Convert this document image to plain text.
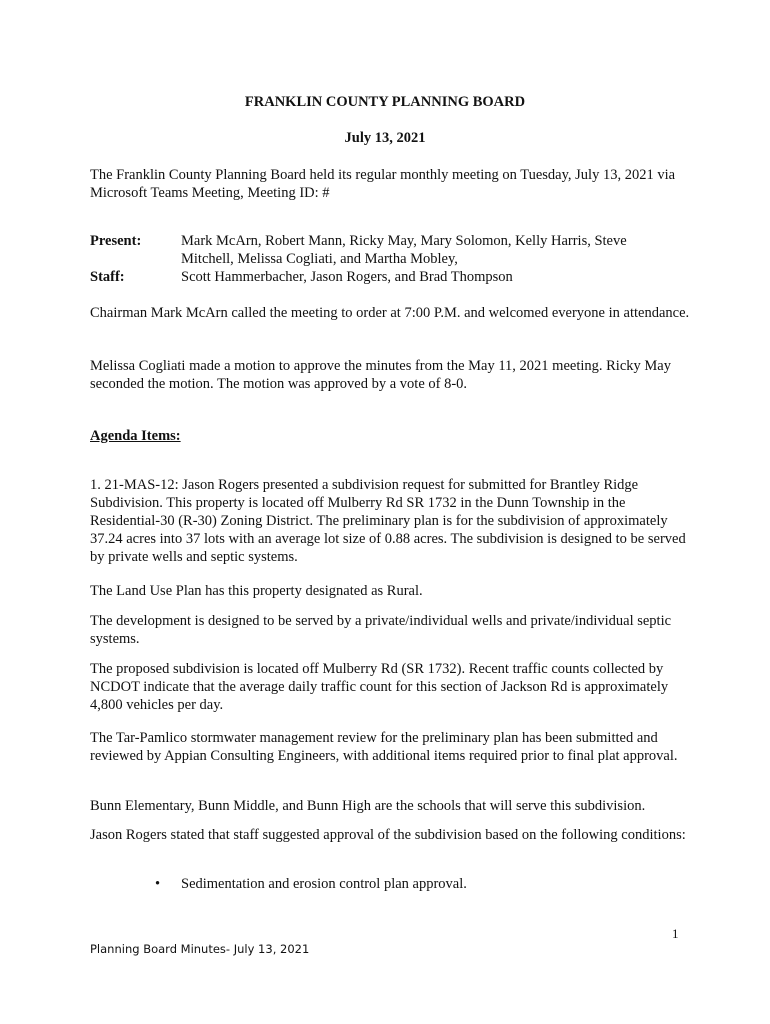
FRANKLIN COUNTY PLANNING BOARD
July 13, 2021
The Franklin County Planning Board held its regular monthly meeting on Tuesday, July 13, 2021 via Microsoft Teams Meeting, Meeting ID: #
Present:	Mark McArn, Robert Mann, Ricky May, Mary Solomon, Kelly Harris, Steve Mitchell, Melissa Cogliati, and Martha Mobley,
Staff:	Scott Hammerbacher, Jason Rogers, and Brad Thompson
Chairman Mark McArn called the meeting to order at 7:00 P.M. and welcomed everyone in attendance.
Melissa Cogliati made a motion to approve the minutes from the May 11, 2021 meeting. Ricky May seconded the motion. The motion was approved by a vote of 8-0.
Agenda Items:
1. 21-MAS-12: Jason Rogers presented a subdivision request for submitted for Brantley Ridge Subdivision. This property is located off Mulberry Rd SR 1732 in the Dunn Township in the Residential-30 (R-30) Zoning District. The preliminary plan is for the subdivision of approximately 37.24 acres into 37 lots with an average lot size of 0.88 acres. The subdivision is designed to be served by private wells and septic systems.
The Land Use Plan has this property designated as Rural.
The development is designed to be served by a private/individual wells and private/individual septic systems.
The proposed subdivision is located off Mulberry Rd (SR 1732). Recent traffic counts collected by NCDOT indicate that the average daily traffic count for this section of Jackson Rd is approximately 4,800 vehicles per day.
The Tar-Pamlico stormwater management review for the preliminary plan has been submitted and reviewed by Appian Consulting Engineers, with additional items required prior to final plat approval.
Bunn Elementary, Bunn Middle, and Bunn High are the schools that will serve this subdivision.
Jason Rogers stated that staff suggested approval of the subdivision based on the following conditions:
• Sedimentation and erosion control plan approval.
1
Planning Board Minutes- July 13, 2021
